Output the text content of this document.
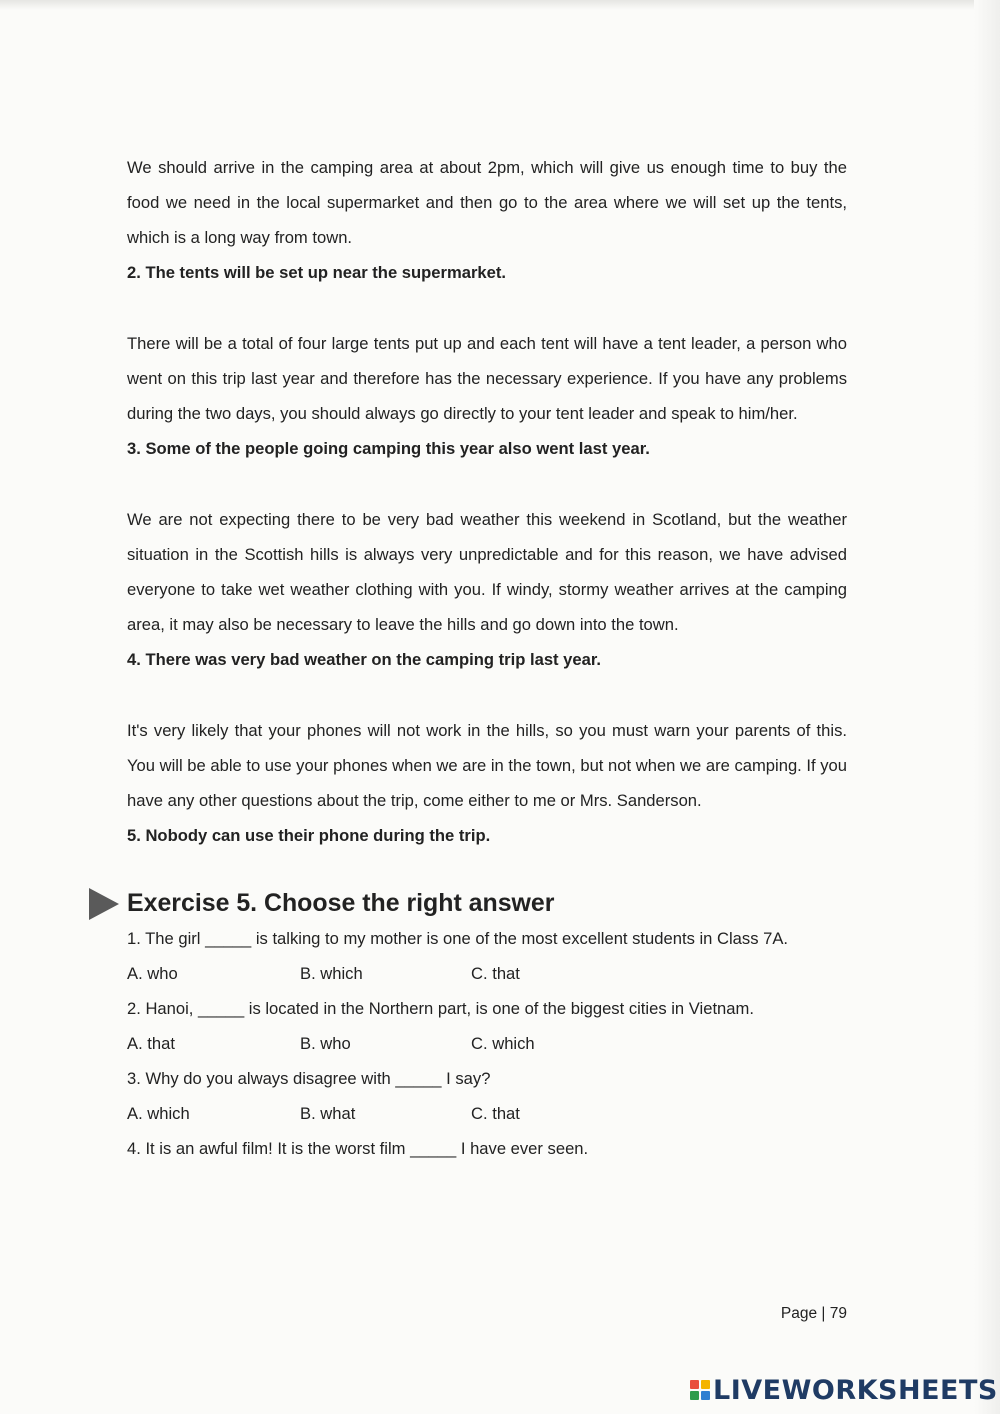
We should arrive in the camping area at about 2pm, which will give us enough time to buy the food we need in the local supermarket and then go to the area where we will set up the tents, which is a long way from town.

2. The tents will be set up near the supermarket.

There will be a total of four large tents put up and each tent will have a tent leader, a person who went on this trip last year and therefore has the necessary experience. If you have any problems during the two days, you should always go directly to your tent leader and speak to him/her.

3. Some of the people going camping this year also went last year.

We are not expecting there to be very bad weather this weekend in Scotland, but the weather situation in the Scottish hills is always very unpredictable and for this reason, we have advised everyone to take wet weather clothing with you. If windy, stormy weather arrives at the camping area, it may also be necessary to leave the hills and go down into the town.

4. There was very bad weather on the camping trip last year.

It's very likely that your phones will not work in the hills, so you must warn your parents of this. You will be able to use your phones when we are in the town, but not when we are camping. If you have any other questions about the trip, come either to me or Mrs. Sanderson.

5. Nobody can use their phone during the trip.

Exercise 5. Choose the right answer

1. The girl _____ is talking to my mother is one of the most excellent students in Class 7A.

A. who	B. which	C. that

2. Hanoi, _____ is located in the Northern part, is one of the biggest cities in Vietnam.

A. that	B. who	C. which

3. Why do you always disagree with _____ I say?

A. which	B. what	C. that

4. It is an awful film! It is the worst film _____ I have ever seen.

Page | 79
LIVEWORKSHEETS
